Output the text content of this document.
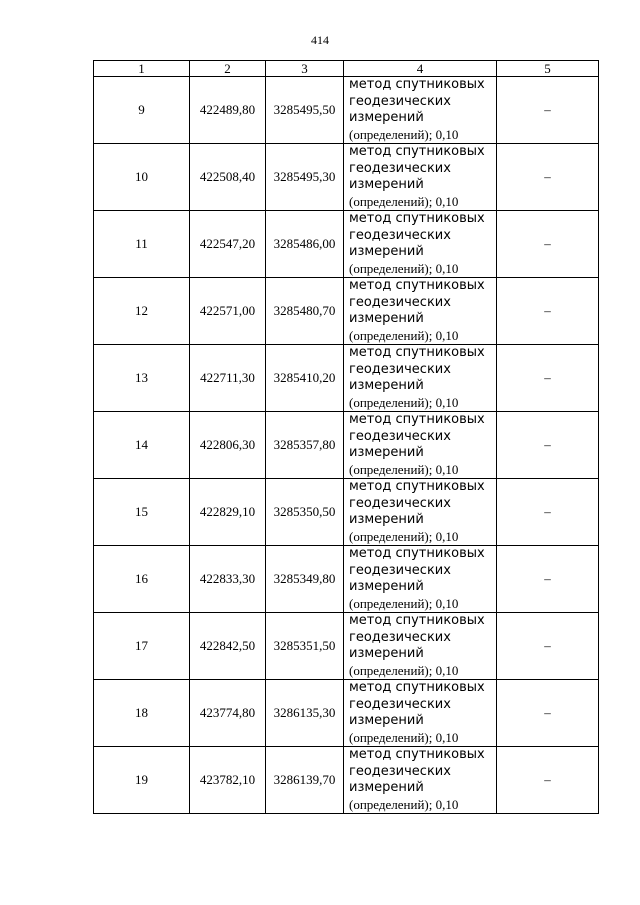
414
1	2	3	4	5
9	422489,80	3285495,50	метод спутниковых
геодезических
измерений
(определений); 0,10	–
10	422508,40	3285495,30	метод спутниковых
геодезических
измерений
(определений); 0,10	–
11	422547,20	3285486,00	метод спутниковых
геодезических
измерений
(определений); 0,10	–
12	422571,00	3285480,70	метод спутниковых
геодезических
измерений
(определений); 0,10	–
13	422711,30	3285410,20	метод спутниковых
геодезических
измерений
(определений); 0,10	–
14	422806,30	3285357,80	метод спутниковых
геодезических
измерений
(определений); 0,10	–
15	422829,10	3285350,50	метод спутниковых
геодезических
измерений
(определений); 0,10	–
16	422833,30	3285349,80	метод спутниковых
геодезических
измерений
(определений); 0,10	–
17	422842,50	3285351,50	метод спутниковых
геодезических
измерений
(определений); 0,10	–
18	423774,80	3286135,30	метод спутниковых
геодезических
измерений
(определений); 0,10	–
19	423782,10	3286139,70	метод спутниковых
геодезических
измерений
(определений); 0,10	–
